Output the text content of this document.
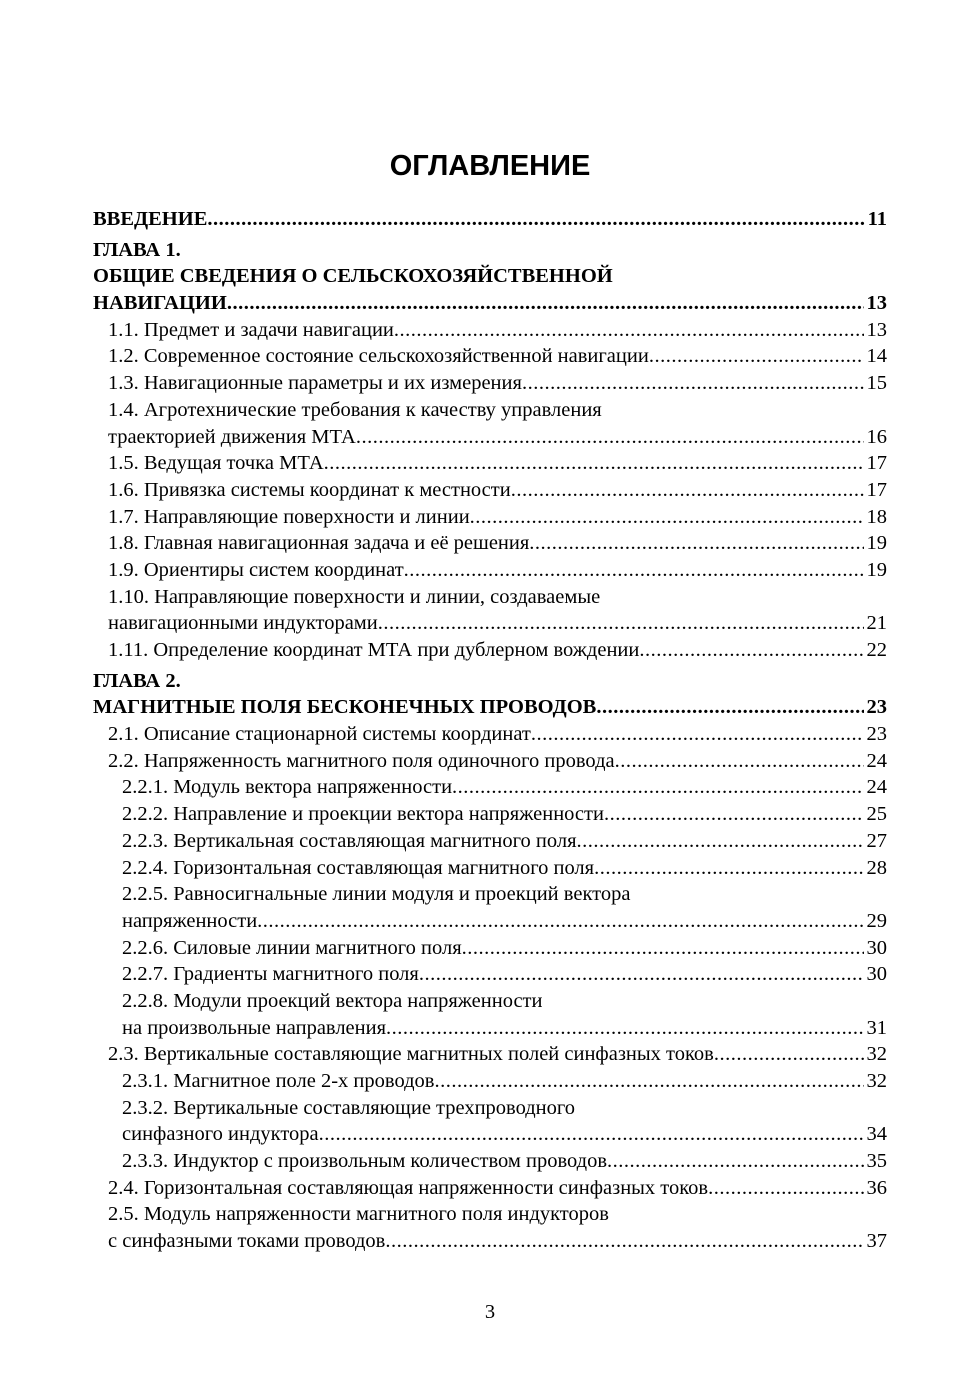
ОГЛАВЛЕНИЕ
ВВЕДЕНИЕ .....	11
ГЛАВА 1.
ОБЩИЕ СВЕДЕНИЯ О СЕЛЬСКОХОЗЯЙСТВЕННОЙ
НАВИГАЦИИ .....	13
1.1. Предмет и задачи навигации .....	13
1.2. Современное состояние сельскохозяйственной навигации .....	14
1.3. Навигационные параметры и их измерения .....	15
1.4. Агротехнические требования к качеству управления
траекторией движения МТА .....	16
1.5. Ведущая точка МТА .....	17
1.6. Привязка системы координат к местности .....	17
1.7. Направляющие поверхности и линии .....	18
1.8. Главная навигационная задача и её решения .....	19
1.9. Ориентиры систем координат .....	19
1.10. Направляющие поверхности и линии, создаваемые
навигационными индукторами .....	21
1.11. Определение координат МТА при дублерном вождении .....	22
ГЛАВА 2.
МАГНИТНЫЕ ПОЛЯ БЕСКОНЕЧНЫХ ПРОВОДОВ .....	23
2.1. Описание стационарной системы координат .....	23
2.2. Напряженность магнитного поля одиночного провода .....	24
2.2.1. Модуль вектора напряженности .....	24
2.2.2. Направление и проекции вектора напряженности .....	25
2.2.3. Вертикальная составляющая магнитного поля .....	27
2.2.4. Горизонтальная составляющая магнитного поля .....	28
2.2.5. Равносигнальные линии модуля и проекций вектора
напряженности .....	29
2.2.6. Силовые линии магнитного поля .....	30
2.2.7. Градиенты магнитного поля .....	30
2.2.8. Модули проекций вектора напряженности
на произвольные направления .....	31
2.3. Вертикальные составляющие магнитных полей синфазных токов .....	32
2.3.1. Магнитное поле 2-х проводов .....	32
2.3.2. Вертикальные составляющие трехпроводного
синфазного индуктора .....	34
2.3.3. Индуктор с произвольным количеством проводов .....	35
2.4. Горизонтальная составляющая напряженности синфазных токов .....	36
2.5. Модуль напряженности магнитного поля индукторов
с синфазными токами проводов .....	37
3
